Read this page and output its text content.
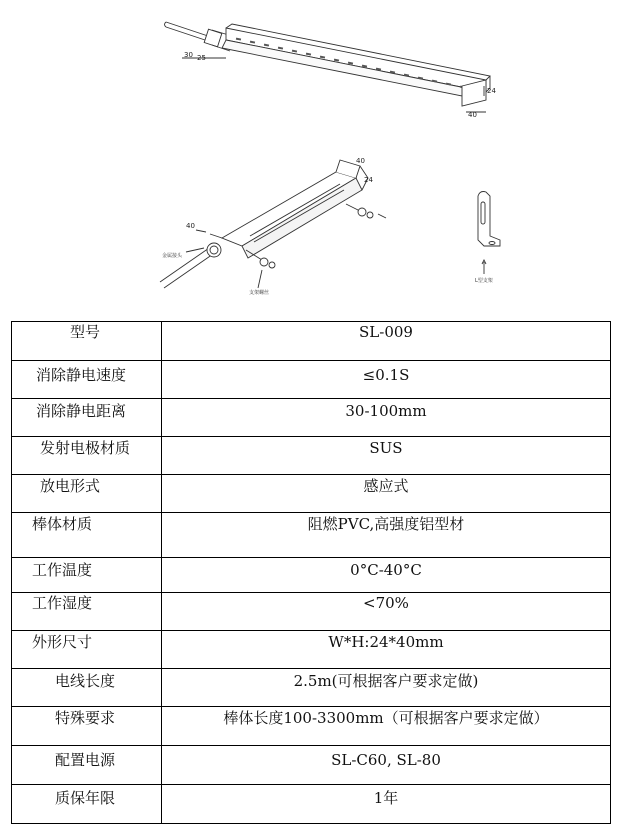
30 25
24
40
40
24
40
金属接头
支架螺丝
L型支架
型号	SL-009
消除静电速度	≤0.1S
消除静电距离	30-100mm
发射电极材质	SUS
放电形式	感应式
棒体材质	阻燃PVC,高强度铝型材
工作温度	0°C-40°C
工作湿度	<70%
外形尺寸	W*H:24*40mm
电线长度	2.5m(可根据客户要求定做)
特殊要求	棒体长度100-3300mm（可根据客户要求定做）
配置电源	SL-C60, SL-80
质保年限	1年
